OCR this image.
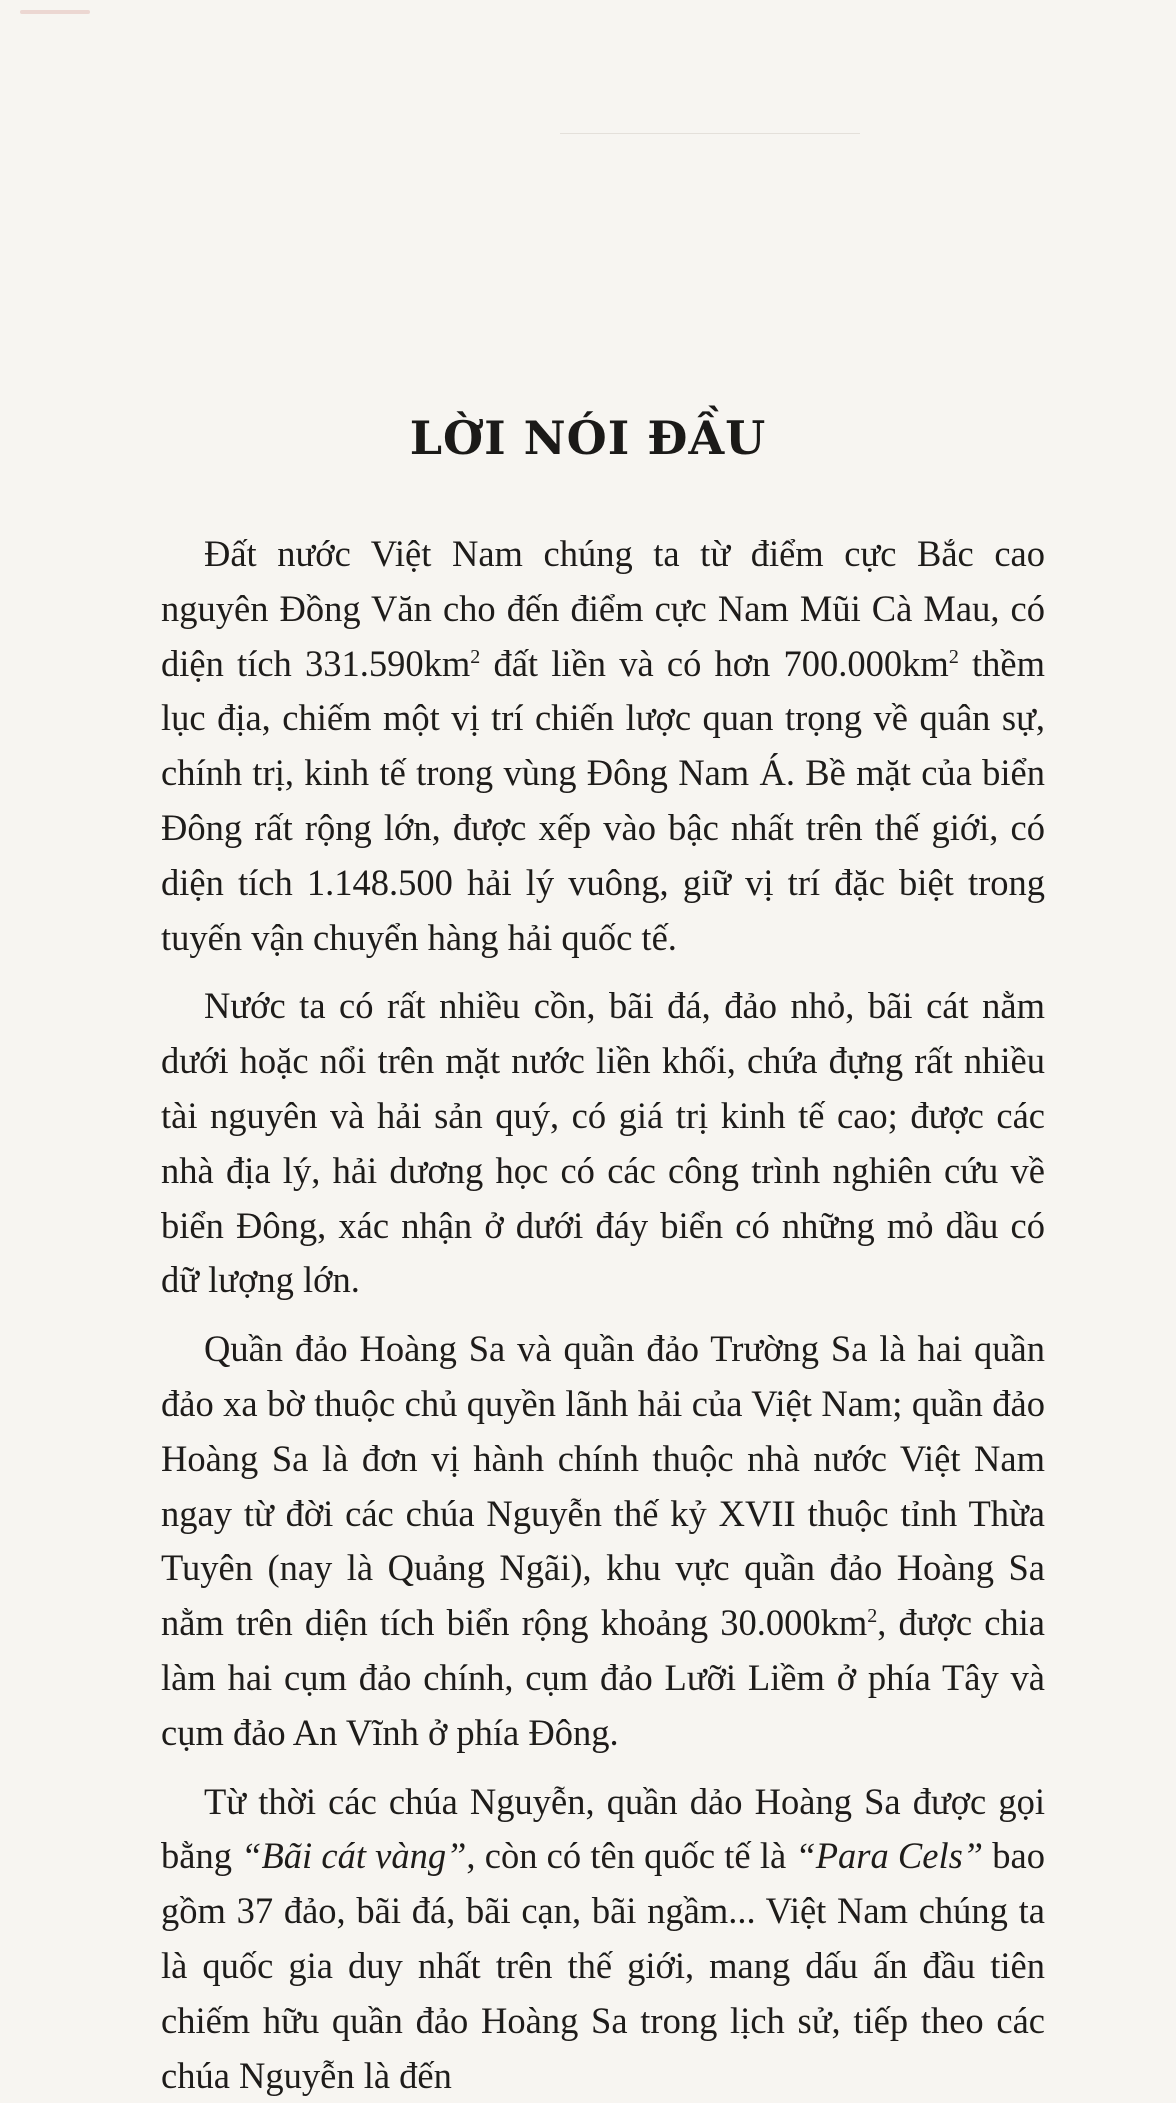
LỜI NÓI ĐẦU

Đất nước Việt Nam chúng ta từ điểm cực Bắc cao nguyên Đồng Văn cho đến điểm cực Nam Mũi Cà Mau, có diện tích $331.590km^2$ đất liền và có hơn $700.000km^2$ thềm lục địa, chiếm một vị trí chiến lược quan trọng về quân sự, chính trị, kinh tế trong vùng Đông Nam Á. Bề mặt của biển Đông rất rộng lớn, được xếp vào bậc nhất trên thế giới, có diện tích 1.148.500 hải lý vuông, giữ vị trí đặc biệt trong tuyến vận chuyển hàng hải quốc tế.

Nước ta có rất nhiều cồn, bãi đá, đảo nhỏ, bãi cát nằm dưới hoặc nổi trên mặt nước liền khối, chứa đựng rất nhiều tài nguyên và hải sản quý, có giá trị kinh tế cao; được các nhà địa lý, hải dương học có các công trình nghiên cứu về biển Đông, xác nhận ở dưới đáy biển có những mỏ dầu có dữ lượng lớn.

Quần đảo Hoàng Sa và quần đảo Trường Sa là hai quần đảo xa bờ thuộc chủ quyền lãnh hải của Việt Nam; quần đảo Hoàng Sa là đơn vị hành chính thuộc nhà nước Việt Nam ngay từ đời các chúa Nguyễn thế kỷ XVII thuộc tỉnh Thừa Tuyên (nay là Quảng Ngãi), khu vực quần đảo Hoàng Sa nằm trên diện tích biển rộng khoảng $30.000km^2$, được chia làm hai cụm đảo chính, cụm đảo Lưỡi Liềm ở phía Tây và cụm đảo An Vĩnh ở phía Đông.

Từ thời các chúa Nguyễn, quần dảo Hoàng Sa được gọi bằng “Bãi cát vàng”, còn có tên quốc tế là “Para Cels” bao gồm 37 đảo, bãi đá, bãi cạn, bãi ngầm... Việt Nam chúng ta là quốc gia duy nhất trên thế giới, mang dấu ấn đầu tiên chiếm hữu quần đảo Hoàng Sa trong lịch sử, tiếp theo các chúa Nguyễn là đến
